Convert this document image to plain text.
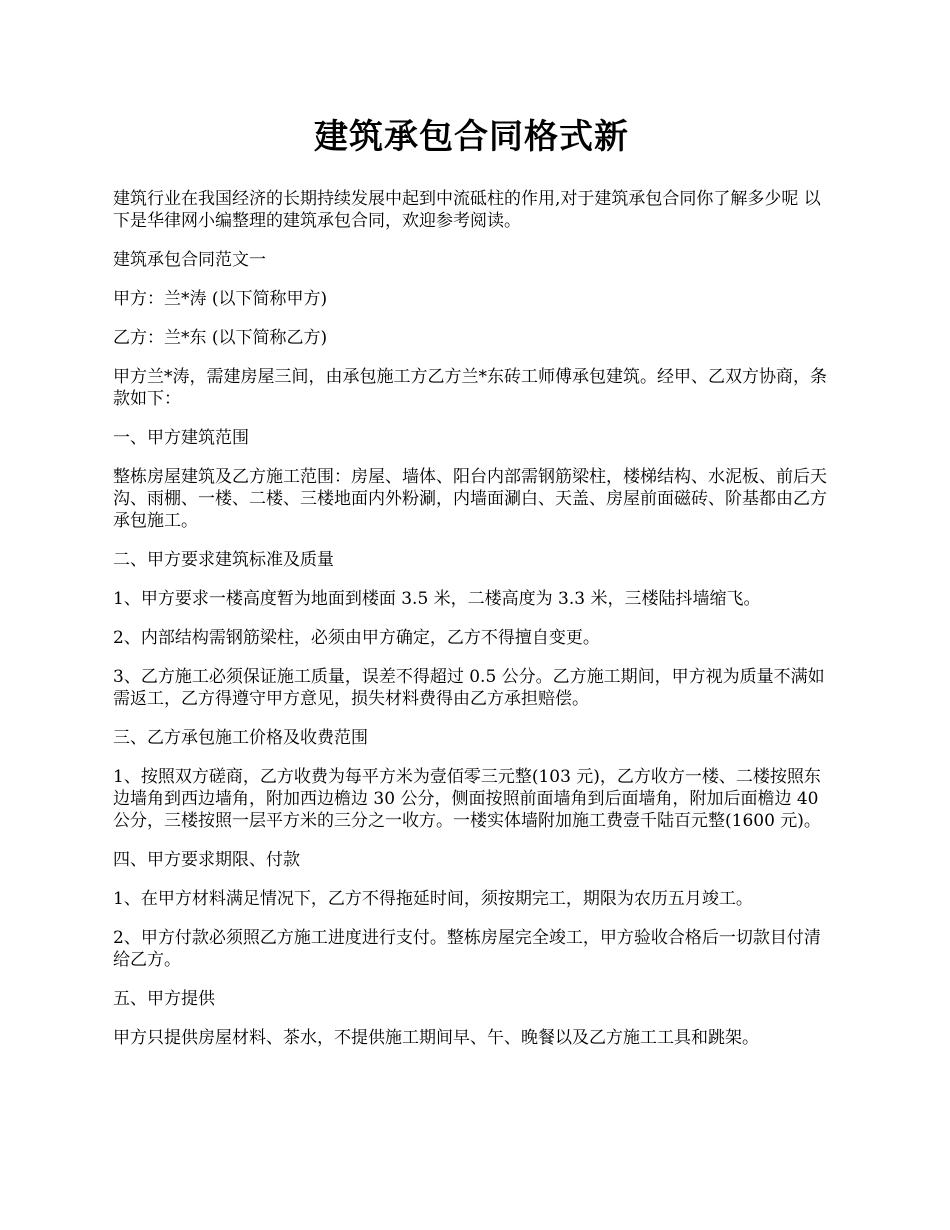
建筑承包合同格式新

建筑行业在我国经济的长期持续发展中起到中流砥柱的作用,对于建筑承包合同你了解多少呢 以下是华律网小编整理的建筑承包合同，欢迎参考阅读。

建筑承包合同范文一

甲方：兰*涛 (以下简称甲方)

乙方：兰*东 (以下简称乙方)

甲方兰*涛，需建房屋三间，由承包施工方乙方兰*东砖工师傅承包建筑。经甲、乙双方协商，条款如下：

一、甲方建筑范围

整栋房屋建筑及乙方施工范围：房屋、墙体、阳台内部需钢筋梁柱，楼梯结构、水泥板、前后天沟、雨棚、一楼、二楼、三楼地面内外粉涮，内墙面涮白、天盖、房屋前面磁砖、阶基都由乙方承包施工。

二、甲方要求建筑标准及质量

1、甲方要求一楼高度暂为地面到楼面 3.5 米，二楼高度为 3.3 米，三楼陆抖墙缩飞。

2、内部结构需钢筋梁柱，必须由甲方确定，乙方不得擅自变更。

3、乙方施工必须保证施工质量，误差不得超过 0.5 公分。乙方施工期间，甲方视为质量不满如需返工，乙方得遵守甲方意见，损失材料费得由乙方承担赔偿。

三、乙方承包施工价格及收费范围

1、按照双方磋商，乙方收费为每平方米为壹佰零三元整(103 元)，乙方收方一楼、二楼按照东边墙角到西边墙角，附加西边檐边 30 公分，侧面按照前面墙角到后面墙角，附加后面檐边 40 公分，三楼按照一层平方米的三分之一收方。一楼实体墙附加施工费壹千陆百元整(1600 元)。

四、甲方要求期限、付款

1、在甲方材料满足情况下，乙方不得拖延时间，须按期完工，期限为农历五月竣工。

2、甲方付款必须照乙方施工进度进行支付。整栋房屋完全竣工，甲方验收合格后一切款目付清给乙方。

五、甲方提供

甲方只提供房屋材料、茶水，不提供施工期间早、午、晚餐以及乙方施工工具和跳架。
